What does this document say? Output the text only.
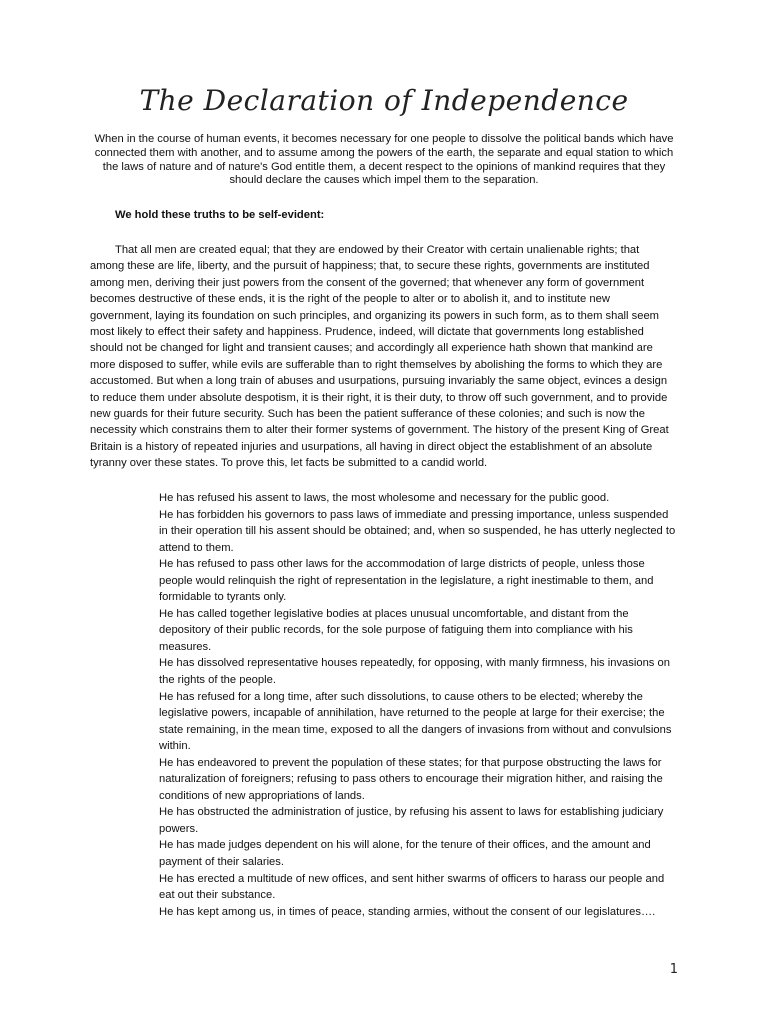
The Declaration of Independence
When in the course of human events, it becomes necessary for one people to dissolve the political bands which have connected them with another, and to assume among the powers of the earth, the separate and equal station to which the laws of nature and of nature's God entitle them, a decent respect to the opinions of mankind requires that they should declare the causes which impel them to the separation.
We hold these truths to be self-evident:
That all men are created equal; that they are endowed by their Creator with certain unalienable rights; that among these are life, liberty, and the pursuit of happiness; that, to secure these rights, governments are instituted among men, deriving their just powers from the consent of the governed; that whenever any form of government becomes destructive of these ends, it is the right of the people to alter or to abolish it, and to institute new government, laying its foundation on such principles, and organizing its powers in such form, as to them shall seem most likely to effect their safety and happiness. Prudence, indeed, will dictate that governments long established should not be changed for light and transient causes; and accordingly all experience hath shown that mankind are more disposed to suffer, while evils are sufferable than to right themselves by abolishing the forms to which they are accustomed. But when a long train of abuses and usurpations, pursuing invariably the same object, evinces a design to reduce them under absolute despotism, it is their right, it is their duty, to throw off such government, and to provide new guards for their future security. Such has been the patient sufferance of these colonies; and such is now the necessity which constrains them to alter their former systems of government. The history of the present King of Great Britain is a history of repeated injuries and usurpations, all having in direct object the establishment of an absolute tyranny over these states. To prove this, let facts be submitted to a candid world.
He has refused his assent to laws, the most wholesome and necessary for the public good.
He has forbidden his governors to pass laws of immediate and pressing importance, unless suspended in their operation till his assent should be obtained; and, when so suspended, he has utterly neglected to attend to them.
He has refused to pass other laws for the accommodation of large districts of people, unless those people would relinquish the right of representation in the legislature, a right inestimable to them, and formidable to tyrants only.
He has called together legislative bodies at places unusual uncomfortable, and distant from the depository of their public records, for the sole purpose of fatiguing them into compliance with his measures.
He has dissolved representative houses repeatedly, for opposing, with manly firmness, his invasions on the rights of the people.
He has refused for a long time, after such dissolutions, to cause others to be elected; whereby the legislative powers, incapable of annihilation, have returned to the people at large for their exercise; the state remaining, in the mean time, exposed to all the dangers of invasions from without and convulsions within.
He has endeavored to prevent the population of these states; for that purpose obstructing the laws for naturalization of foreigners; refusing to pass others to encourage their migration hither, and raising the conditions of new appropriations of lands.
He has obstructed the administration of justice, by refusing his assent to laws for establishing judiciary powers.
He has made judges dependent on his will alone, for the tenure of their offices, and the amount and payment of their salaries.
He has erected a multitude of new offices, and sent hither swarms of officers to harass our people and eat out their substance.
He has kept among us, in times of peace, standing armies, without the consent of our legislatures….
1
